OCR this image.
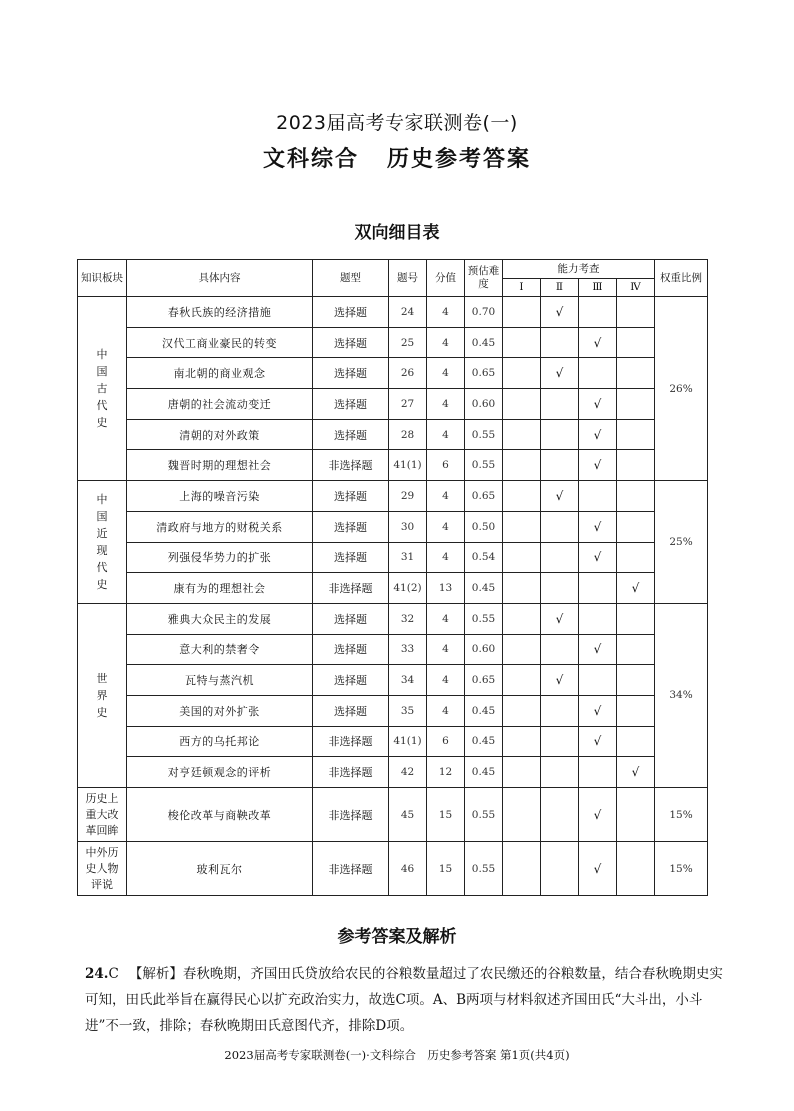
2023届高考专家联测卷(一)
文科综合 历史参考答案
双向细目表
知识板块	具体内容	题型	题号	分值	预估难度	能力考查				权重比例
						Ⅰ	Ⅱ	Ⅲ	Ⅳ	
中国古代史	春秋氏族的经济措施	选择题	24	4	0.70		√			26%
	汉代工商业豪民的转变	选择题	25	4	0.45			√		
	南北朝的商业观念	选择题	26	4	0.65		√			
	唐朝的社会流动变迁	选择题	27	4	0.60			√		
	清朝的对外政策	选择题	28	4	0.55			√		
	魏晋时期的理想社会	非选择题	41(1)	6	0.55			√		
中国近现代史	上海的噪音污染	选择题	29	4	0.65		√			25%
	清政府与地方的财税关系	选择题	30	4	0.50			√		
	列强侵华势力的扩张	选择题	31	4	0.54			√		
	康有为的理想社会	非选择题	41(2)	13	0.45				√	
世界史	雅典大众民主的发展	选择题	32	4	0.55		√			34%
	意大利的禁奢令	选择题	33	4	0.60			√		
	瓦特与蒸汽机	选择题	34	4	0.65		√			
	美国的对外扩张	选择题	35	4	0.45			√		
	西方的乌托邦论	非选择题	41(1)	6	0.45			√		
	对亨廷顿观念的评析	非选择题	42	12	0.45				√	
历史上重大改革回眸	梭伦改革与商鞅改革	非选择题	45	15	0.55			√		15%
中外历史人物评说	玻利瓦尔	非选择题	46	15	0.55			√		15%
参考答案及解析
24.C 【解析】春秋晚期，齐国田氏贷放给农民的谷粮数量超过了农民缴还的谷粮数量，结合春秋晚期史实可知，田氏此举旨在赢得民心以扩充政治实力，故选C项。A、B两项与材料叙述齐国田氏“大斗出，小斗进”不一致，排除；春秋晚期田氏意图代齐，排除D项。
2023届高考专家联测卷(一)·文科综合　历史参考答案 第1页(共4页)
